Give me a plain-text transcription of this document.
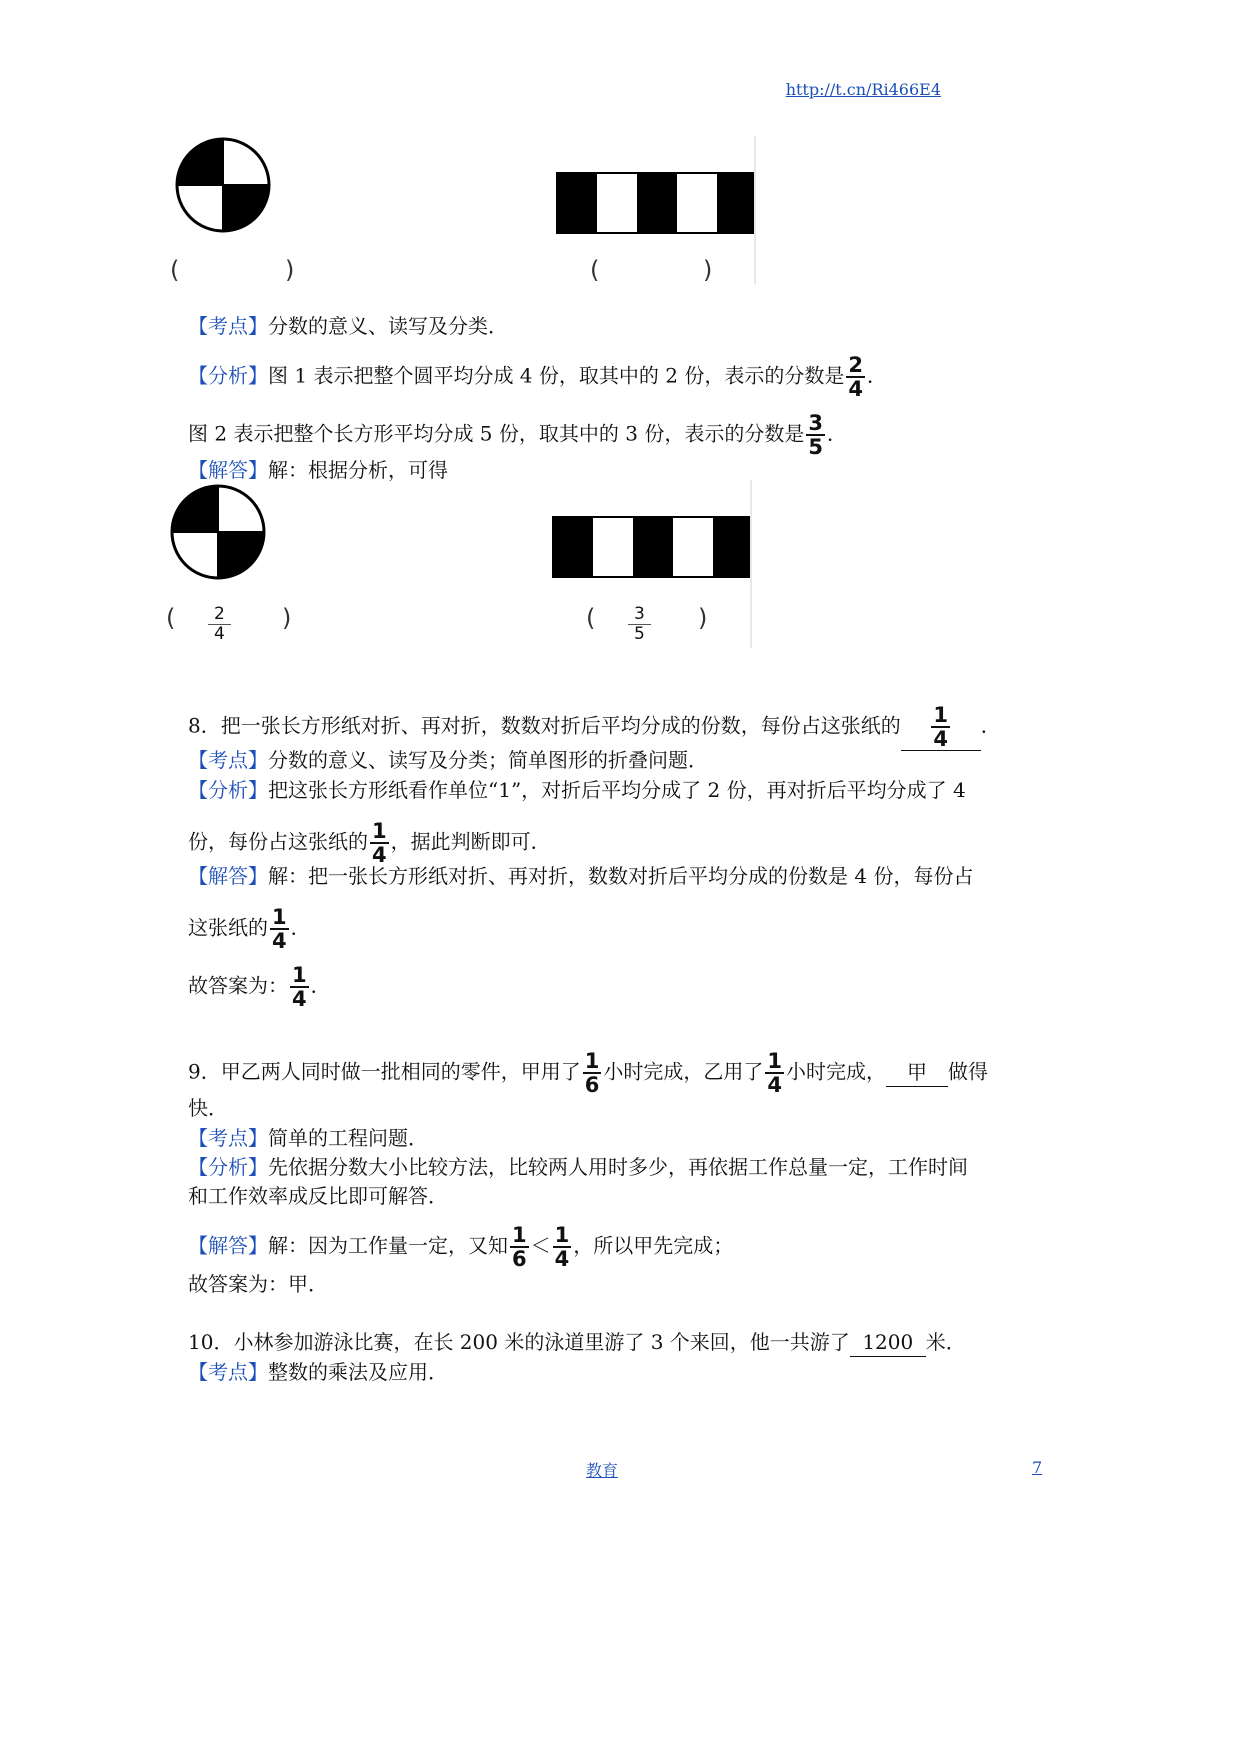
http://t.cn/Ri466E4
(	)	(	)
【考点】分数的意义、读写及分类．
【分析】图 1 表示把整个圆平均分成 4 份，取其中的 2 份，表示的分数是 $\frac{2}{4}$ ．
图 2 表示把整个长方形平均分成 5 份，取其中的 3 份，表示的分数是 $\frac{3}{5}$ ．
【解答】解：根据分析，可得
( $\frac{2}{4}$ )	( $\frac{3}{5}$ )
8．把一张长方形纸对折、再对折，数数对折后平均分成的份数，每份占这张纸的 $\frac{1}{4}$ ．
【考点】分数的意义、读写及分类；简单图形的折叠问题．
【分析】把这张长方形纸看作单位“1”，对折后平均分成了 2 份，再对折后平均分成了 4
份，每份占这张纸的 $\frac{1}{4}$ ，据此判断即可．
【解答】解：把一张长方形纸对折、再对折，数数对折后平均分成的份数是 4 份，每份占
这张纸的 $\frac{1}{4}$ ．
故答案为： $\frac{1}{4}$ ．
9．甲乙两人同时做一批相同的零件，甲用了 $\frac{1}{6}$ 小时完成，乙用了 $\frac{1}{4}$ 小时完成， 甲 做得
快．
【考点】简单的工程问题．
【分析】先依据分数大小比较方法，比较两人用时多少，再依据工作总量一定，工作时间
和工作效率成反比即可解答．
【解答】解：因为工作量一定，又知 $\frac{1}{6} < \frac{1}{4}$ ，所以甲先完成；
故答案为：甲．
10．小林参加游泳比赛，在长 200 米的泳道里游了 3 个来回，他一共游了 1200 米．
【考点】整数的乘法及应用．
教育	7
